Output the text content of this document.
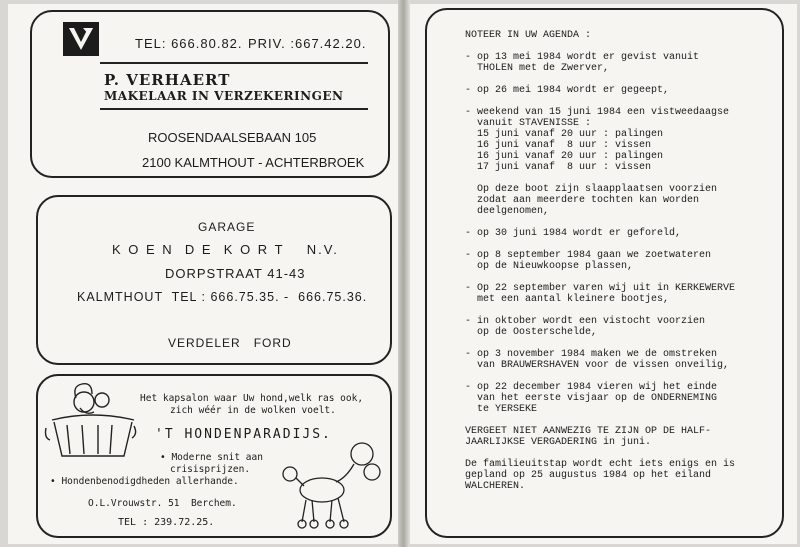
TEL: 666.80.82. PRIV. :667.42.20.
P. VERHAERT
MAKELAAR IN VERZEKERINGEN
ROOSENDAALSEBAAN 105
2100 KALMTHOUT - ACHTERBROEK
GARAGE
K O E N  D E  K O R T    N.V.
DORPSTRAAT 41-43
KALMTHOUT  TEL : 666.75.35. -  666.75.36.
VERDELER   FORD
Het kapsalon waar Uw hond,welk ras ook,
zich wéér in de wolken voelt.
'T HONDENPARADIJS.
• Moderne snit aan
crisisprijzen.
• Hondenbenodigdheden allerhande.
O.L.Vrouwstr. 51  Berchem.
TEL : 239.72.25.

NOTEER IN UW AGENDA :

- op 13 mei 1984 wordt er gevist vanuit

THOLEN met de Zwerver,

- op 26 mei 1984 wordt er gegeept,

- weekend van 15 juni 1984 een vistweedaagse

vanuit STAVENISSE :

15 juni vanaf 20 uur : palingen

16 juni vanaf  8 uur : vissen

16 juni vanaf 20 uur : palingen

17 juni vanaf  8 uur : vissen

Op deze boot zijn slaapplaatsen voorzien

zodat aan meerdere tochten kan worden

deelgenomen,

- op 30 juni 1984 wordt er geforeld,

- op 8 september 1984 gaan we zoetwateren

op de Nieuwkoopse plassen,

- Op 22 september varen wij uit in KERKEWERVE

met een aantal kleinere bootjes,

- in oktober wordt een vistocht voorzien

op de Oosterschelde,

- op 3 november 1984 maken we de omstreken

van BRAUWERSHAVEN voor de vissen onveilig,

- op 22 december 1984 vieren wij het einde

van het eerste visjaar op de ONDERNEMING

te YERSEKE

VERGEET NIET AANWEZIG TE ZIJN OP DE HALF-

JAARLIJKSE VERGADERING in juni.

De familieuitstap wordt echt iets enigs en is

gepland op 25 augustus 1984 op het eiland

WALCHEREN.
